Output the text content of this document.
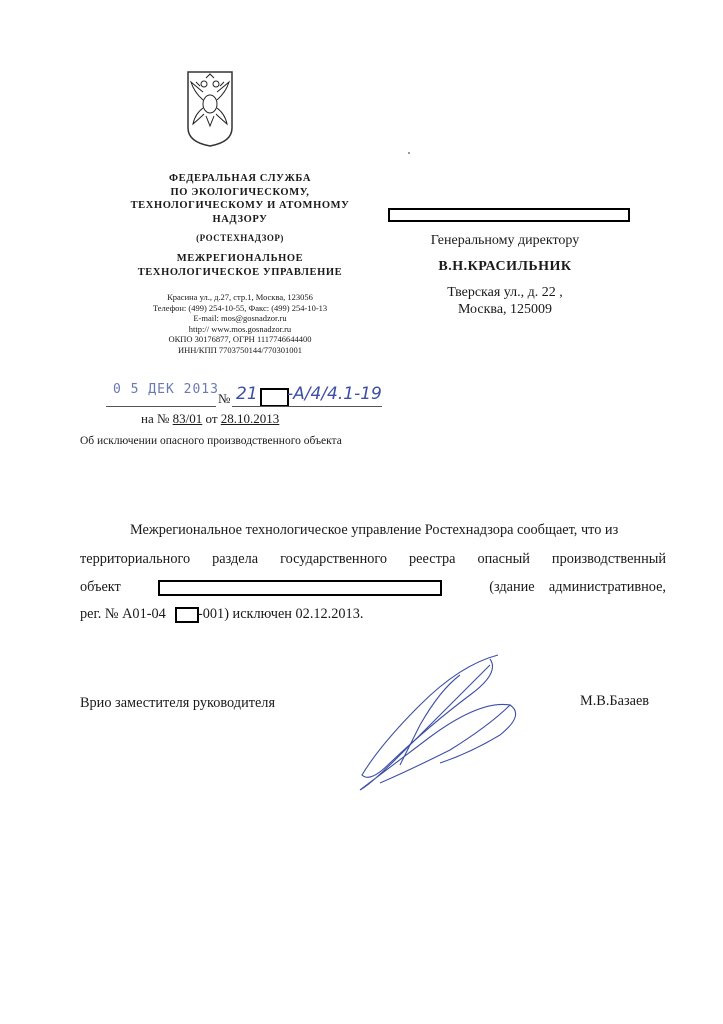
ФЕДЕРАЛЬНАЯ СЛУЖБА
ПО ЭКОЛОГИЧЕСКОМУ,
ТЕХНОЛОГИЧЕСКОМУ И АТОМНОМУ
НАДЗОРУ
(РОСТЕХНАДЗОР)
МЕЖРЕГИОНАЛЬНОЕ
ТЕХНОЛОГИЧЕСКОЕ УПРАВЛЕНИЕ
Красина ул., д.27, стр.1, Москва, 123056
Телефон: (499) 254-10-55, Факс: (499) 254-10-13
E-mail: mos@gosnadzor.ru
http:// www.mos.gosnadzor.ru
ОКПО 30176877, ОГРН 1117746644400
ИНН/КПП 7703750144/770301001
Генеральному директору
В.Н.КРАСИЛЬНИК
Тверская ул., д. 22 ,
Москва, 125009
0 5 ДЕК 2013
№ 21 -А/4/4.1-19
на № 83/01 от 28.10.2013
Об исключении опасного производственного объекта
Межрегиональное технологическое управление Ростехнадзора сообщает, что из
территориального раздела государственного реестра опасный производственный
объект	(здание    административное,
рег. № А01-04 -001) исключен 02.12.2013.
Врио заместителя руководителя	М.В.Базаев
